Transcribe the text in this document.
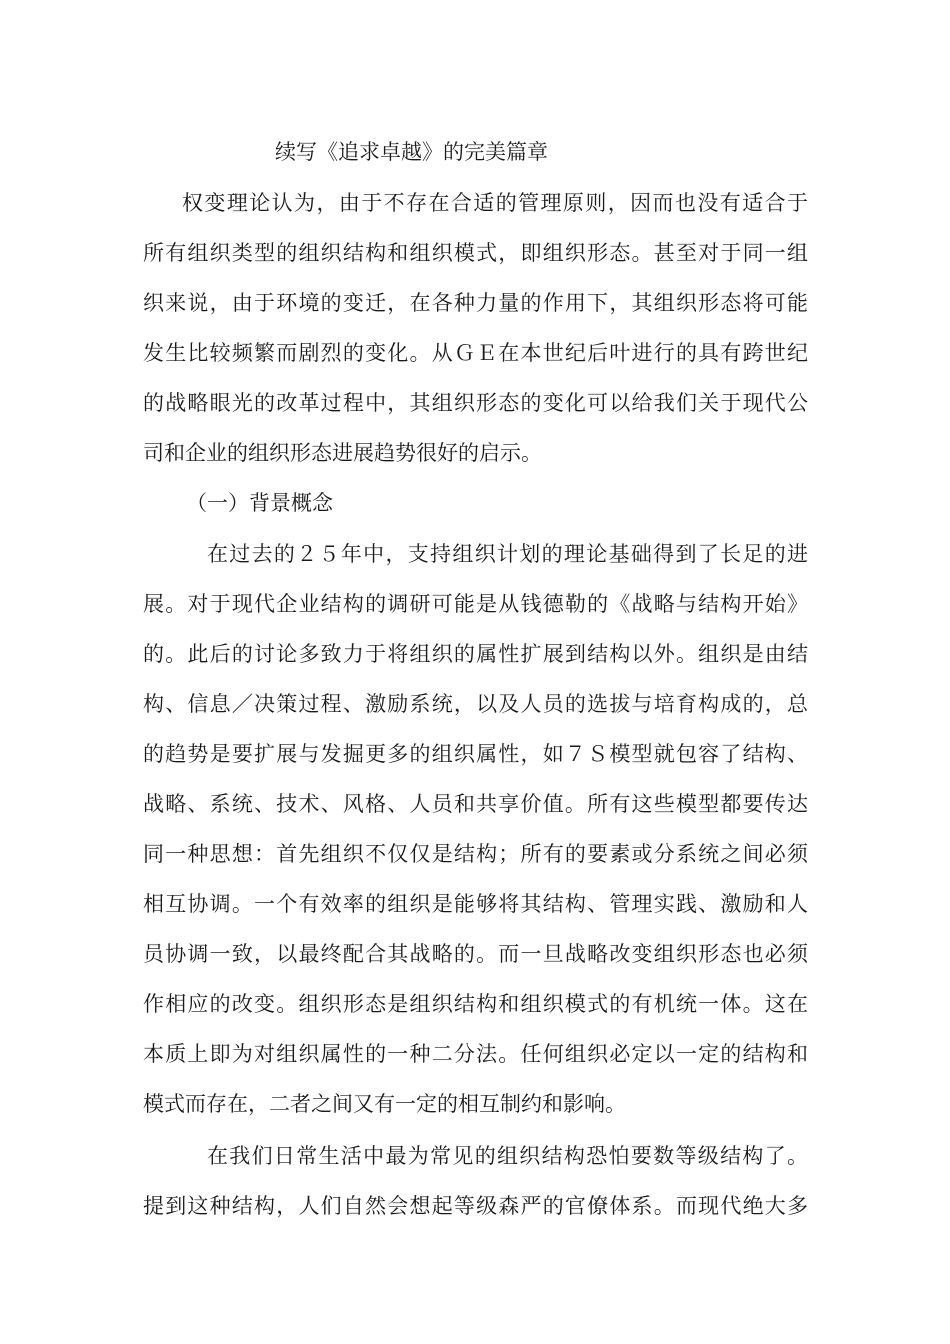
续写《追求卓越》的完美篇章

权变理论认为，由于不存在合适的管理原则，因而也没有适合于

所有组织类型的组织结构和组织模式，即组织形态。甚至对于同一组

织来说，由于环境的变迁，在各种力量的作用下，其组织形态将可能

发生比较频繁而剧烈的变化。从ＧＥ在本世纪后叶进行的具有跨世纪

的战略眼光的改革过程中，其组织形态的变化可以给我们关于现代公

司和企业的组织形态进展趋势很好的启示。

（一）背景概念

在过去的２５年中，支持组织计划的理论基础得到了长足的进

展。对于现代企业结构的调研可能是从钱德勒的《战略与结构开始》

的。此后的讨论多致力于将组织的属性扩展到结构以外。组织是由结

构、信息／决策过程、激励系统，以及人员的选拔与培育构成的，总

的趋势是要扩展与发掘更多的组织属性，如７Ｓ模型就包容了结构、

战略、系统、技术、风格、人员和共享价值。所有这些模型都要传达

同一种思想：首先组织不仅仅是结构；所有的要素或分系统之间必须

相互协调。一个有效率的组织是能够将其结构、管理实践、激励和人

员协调一致，以最终配合其战略的。而一旦战略改变组织形态也必须

作相应的改变。组织形态是组织结构和组织模式的有机统一体。这在

本质上即为对组织属性的一种二分法。任何组织必定以一定的结构和

模式而存在，二者之间又有一定的相互制约和影响。

在我们日常生活中最为常见的组织结构恐怕要数等级结构了。

提到这种结构，人们自然会想起等级森严的官僚体系。而现代绝大多
